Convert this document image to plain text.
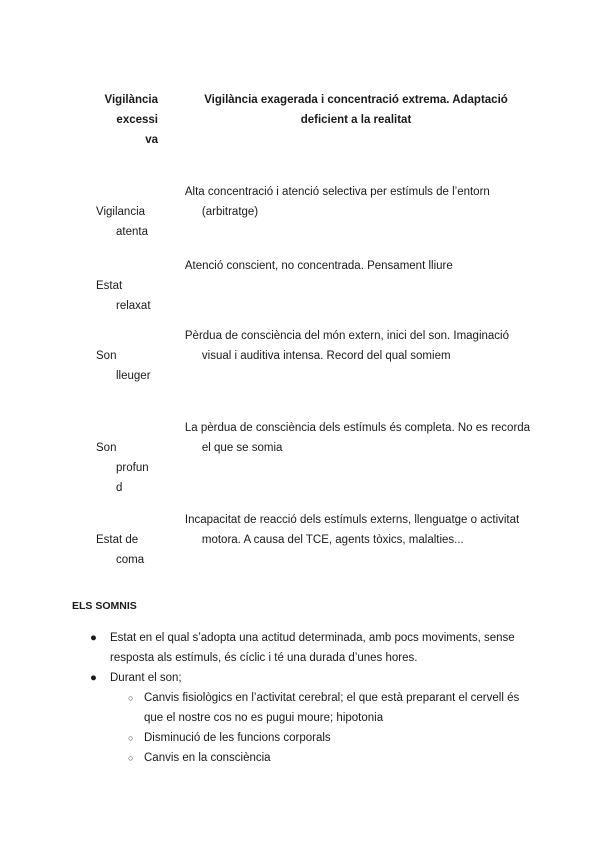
Vigilància
excessi
va
Vigilància exagerada i concentració extrema. Adaptació deficient a la realitat

Vigilancia

atenta

Alta concentració i atenció selectiva per estímuls de l’entorn (arbitratge)

Estat

relaxat

Atenció conscient, no concentrada. Pensament lliure

Son

lleuger

Pèrdua de consciència del món extern, inici del son. Imaginació visual i auditiva intensa. Record del qual somiem

Son

profun
d

La pèrdua de consciència dels estímuls és completa. No es recorda el que se somia

Estat de

coma

Incapacitat de reacció dels estímuls externs, llenguatge o activitat motora. A causa del TCE, agents tòxics, malalties...
ELS SOMNIS
● Estat en el qual s’adopta una actitud determinada, amb pocs moviments, sense resposta als estímuls, és cíclic i té una durada d’unes hores.
● Durant el son;
○ Canvis fisiològics en l’activitat cerebral; el que està preparant el cervell és que el nostre cos no es pugui moure; hipotonia
○ Disminució de les funcions corporals
○ Canvis en la consciència
